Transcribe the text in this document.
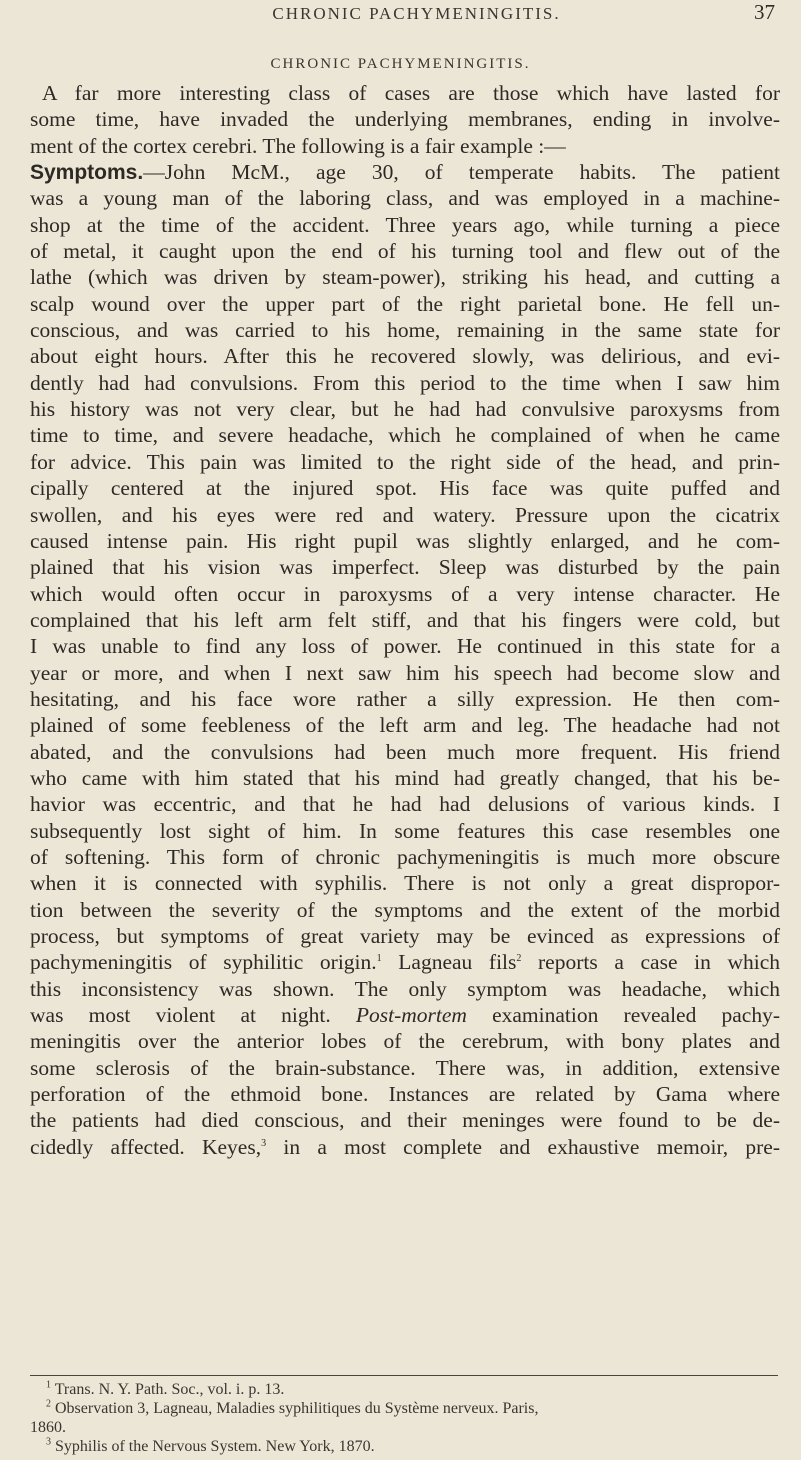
CHRONIC PACHYMENINGITIS.	37
CHRONIC PACHYMENINGITIS.
A far more interesting class of cases are those which have lasted for
some time, have invaded the underlying membranes, ending in involve-
ment of the cortex cerebri. The following is a fair example :—
Symptoms.—John McM., age 30, of temperate habits. The patient
was a young man of the laboring class, and was employed in a machine-
shop at the time of the accident. Three years ago, while turning a piece
of metal, it caught upon the end of his turning tool and flew out of the
lathe (which was driven by steam-power), striking his head, and cutting a
scalp wound over the upper part of the right parietal bone. He fell un-
conscious, and was carried to his home, remaining in the same state for
about eight hours. After this he recovered slowly, was delirious, and evi-
dently had had convulsions. From this period to the time when I saw him
his history was not very clear, but he had had convulsive paroxysms from
time to time, and severe headache, which he complained of when he came
for advice. This pain was limited to the right side of the head, and prin-
cipally centered at the injured spot. His face was quite puffed and
swollen, and his eyes were red and watery. Pressure upon the cicatrix
caused intense pain. His right pupil was slightly enlarged, and he com-
plained that his vision was imperfect. Sleep was disturbed by the pain
which would often occur in paroxysms of a very intense character. He
complained that his left arm felt stiff, and that his fingers were cold, but
I was unable to find any loss of power. He continued in this state for a
year or more, and when I next saw him his speech had become slow and
hesitating, and his face wore rather a silly expression. He then com-
plained of some feebleness of the left arm and leg. The headache had not
abated, and the convulsions had been much more frequent. His friend
who came with him stated that his mind had greatly changed, that his be-
havior was eccentric, and that he had had delusions of various kinds. I
subsequently lost sight of him. In some features this case resembles one
of softening. This form of chronic pachymeningitis is much more obscure
when it is connected with syphilis. There is not only a great dispropor-
tion between the severity of the symptoms and the extent of the morbid
process, but symptoms of great variety may be evinced as expressions of
pachymeningitis of syphilitic origin.$^1$ Lagneau fils$^2$ reports a case in which
this inconsistency was shown. The only symptom was headache, which
was most violent at night. Post-mortem examination revealed pachy-
meningitis over the anterior lobes of the cerebrum, with bony plates and
some sclerosis of the brain-substance. There was, in addition, extensive
perforation of the ethmoid bone. Instances are related by Gama where
the patients had died conscious, and their meninges were found to be de-
cidedly affected. Keyes,$^3$ in a most complete and exhaustive memoir, pre-
$^1$ Trans. N. Y. Path. Soc., vol. i. p. 13.
$^2$ Observation 3, Lagneau, Maladies syphilitiques du Système nerveux. Paris,
1860.
$^3$ Syphilis of the Nervous System. New York, 1870.
